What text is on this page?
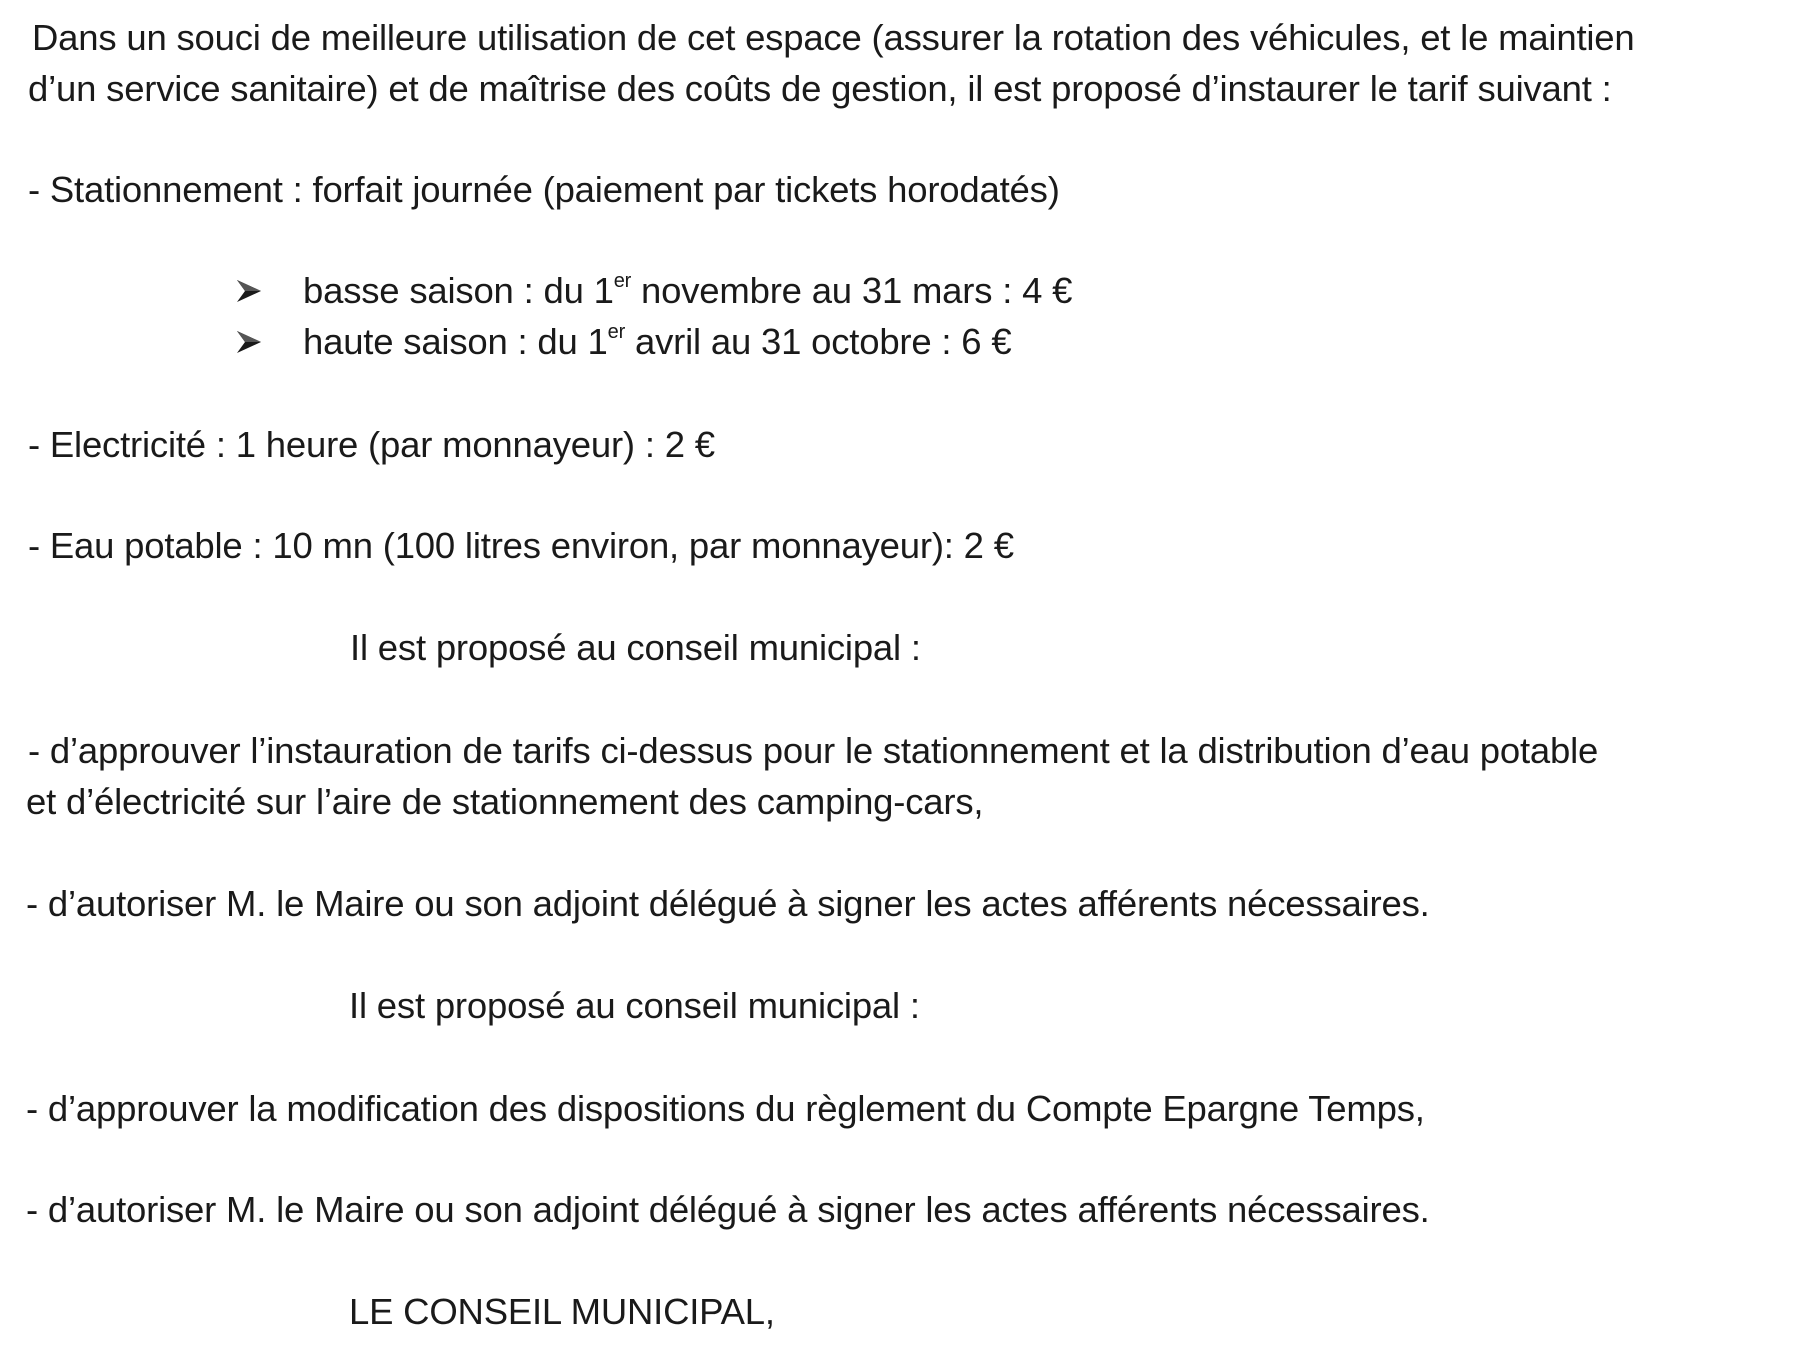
Dans un souci de meilleure utilisation de cet espace (assurer la rotation des véhicules, et le maintien
d’un service sanitaire) et de maîtrise des coûts de gestion, il est proposé d’instaurer le tarif suivant :
- Stationnement : forfait journée (paiement par tickets horodatés)
basse saison : du 1er novembre au 31 mars : 4 €
haute saison : du 1er avril au 31 octobre : 6 €
- Electricité : 1 heure (par monnayeur) : 2 €
- Eau potable : 10 mn (100 litres environ, par monnayeur): 2 €
Il est proposé au conseil municipal :
- d’approuver l’instauration de tarifs ci-dessus pour le stationnement et la distribution d’eau potable
et d’électricité sur l’aire de stationnement des camping-cars,
- d’autoriser M. le Maire ou son adjoint délégué à signer les actes afférents nécessaires.
Il est proposé au conseil municipal :
- d’approuver la modification des dispositions du règlement du Compte Epargne Temps,
- d’autoriser M. le Maire ou son adjoint délégué à signer les actes afférents nécessaires.
LE CONSEIL MUNICIPAL,
